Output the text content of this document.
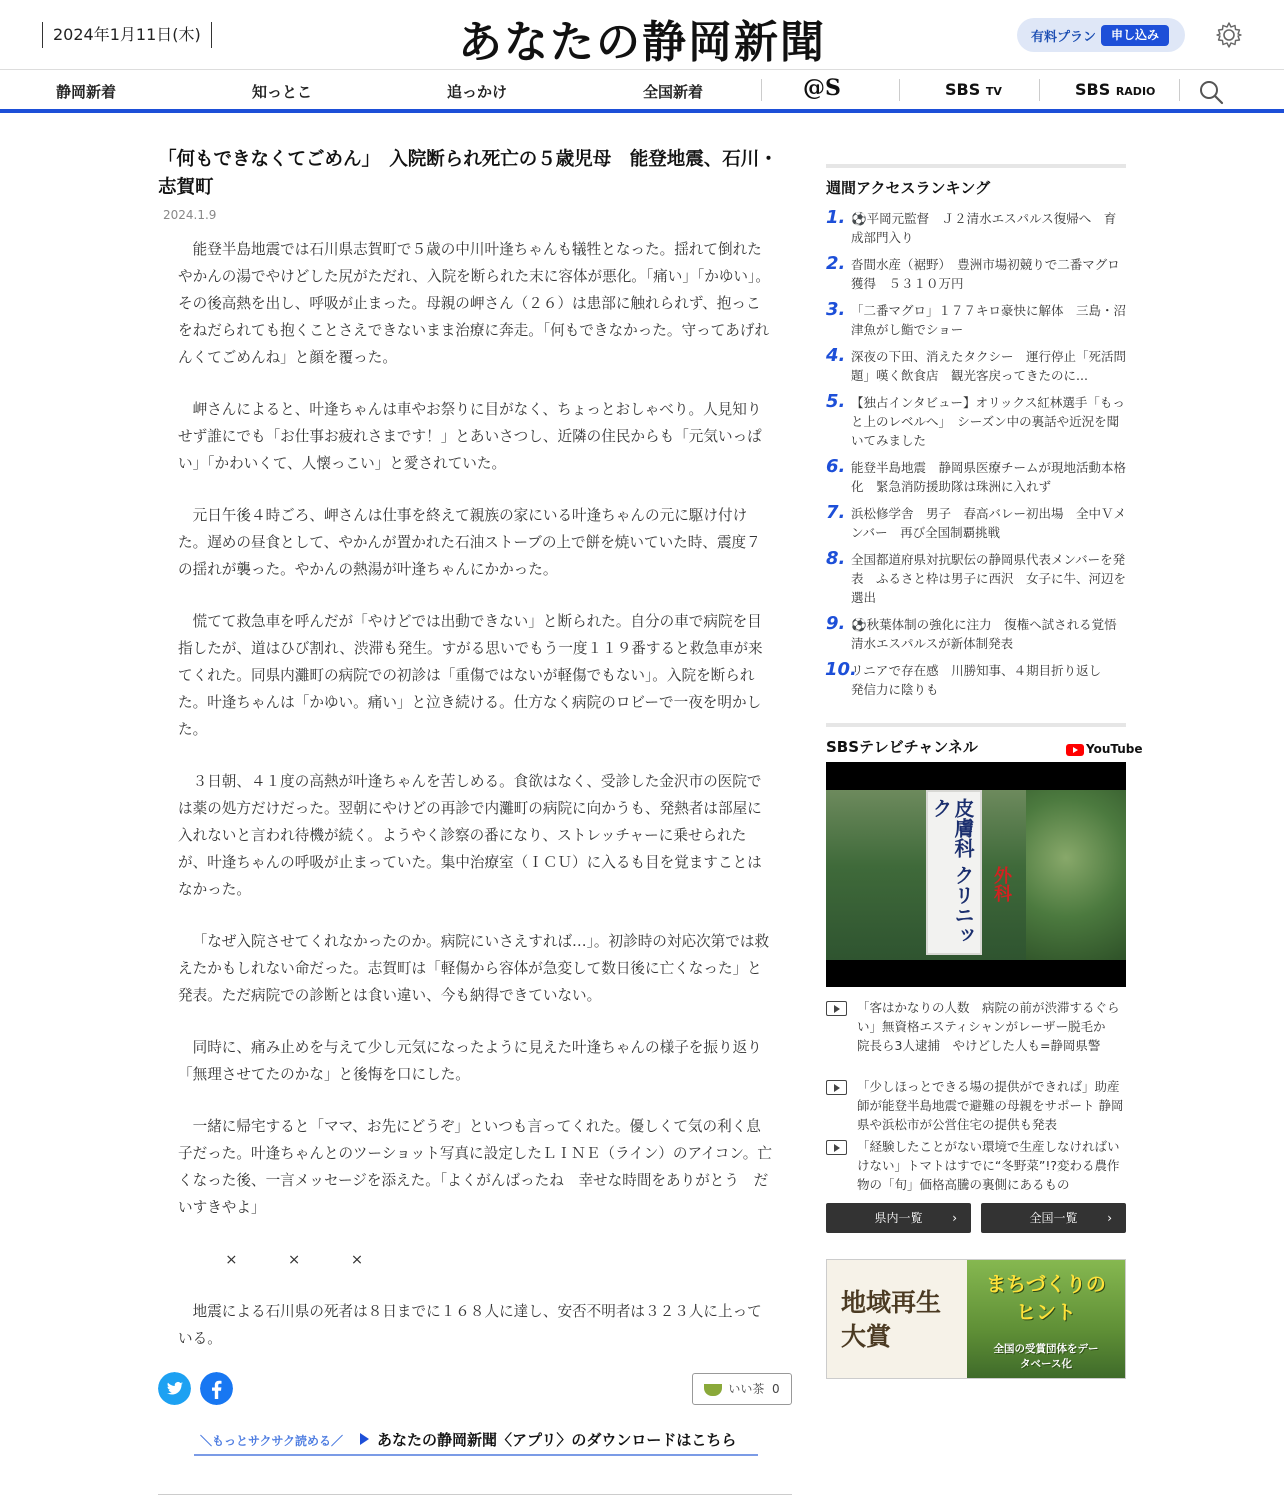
2024年1月11日(木)	あなたの静岡新聞	有料プラン	申し込み
静岡新着	知っとこ	追っかけ	全国新着	@S	SBS TV	SBS RADIO
「何もできなくてごめん」　入院断られ死亡の５歳児母　能登地震、石川・志賀町
2024.1.9

能登半島地震では石川県志賀町で５歳の中川叶逢ちゃんも犠牲となった。揺れて倒れたやかんの湯でやけどした尻がただれ、入院を断られた末に容体が悪化。「痛い」「かゆい」。その後高熱を出し、呼吸が止まった。母親の岬さん（２６）は患部に触れられず、抱っこをねだられても抱くことさえできないまま治療に奔走。「何もできなかった。守ってあげれんくてごめんね」と顔を覆った。

岬さんによると、叶逢ちゃんは車やお祭りに目がなく、ちょっとおしゃべり。人見知りせず誰にでも「お仕事お疲れさまです！」とあいさつし、近隣の住民からも「元気いっぱい」「かわいくて、人懐っこい」と愛されていた。

元日午後４時ごろ、岬さんは仕事を終えて親族の家にいる叶逢ちゃんの元に駆け付けた。遅めの昼食として、やかんが置かれた石油ストーブの上で餅を焼いていた時、震度７の揺れが襲った。やかんの熱湯が叶逢ちゃんにかかった。

慌てて救急車を呼んだが「やけどでは出動できない」と断られた。自分の車で病院を目指したが、道はひび割れ、渋滞も発生。すがる思いでもう一度１１９番すると救急車が来てくれた。同県内灘町の病院での初診は「重傷ではないが軽傷でもない」。入院を断られた。叶逢ちゃんは「かゆい。痛い」と泣き続ける。仕方なく病院のロビーで一夜を明かした。

３日朝、４１度の高熱が叶逢ちゃんを苦しめる。食欲はなく、受診した金沢市の医院では薬の処方だけだった。翌朝にやけどの再診で内灘町の病院に向かうも、発熱者は部屋に入れないと言われ待機が続く。ようやく診察の番になり、ストレッチャーに乗せられたが、叶逢ちゃんの呼吸が止まっていた。集中治療室（ＩＣＵ）に入るも目を覚ますことはなかった。

「なぜ入院させてくれなかったのか。病院にいさえすれば…」。初診時の対応次第では救えたかもしれない命だった。志賀町は「軽傷から容体が急変して数日後に亡くなった」と発表。ただ病院での診断とは食い違い、今も納得できていない。

同時に、痛み止めを与えて少し元気になったように見えた叶逢ちゃんの様子を振り返り「無理させてたのかな」と後悔を口にした。

一緒に帰宅すると「ママ、お先にどうぞ」といつも言ってくれた。優しくて気の利く息子だった。叶逢ちゃんとのツーショット写真に設定したＬＩＮＥ（ライン）のアイコン。亡くなった後、一言メッセージを添えた。「よくがんばったね　幸せな時間をありがとう　だいすきやよ」

　×　×　×

地震による石川県の死者は８日までに１６８人に達し、安否不明者は３２３人に上っている。

いい茶 0
＼もっとサクサク読める／	あなたの静岡新聞〈アプリ〉のダウンロードはこちら
週間アクセスランキング
1. ⚽平岡元監督　Ｊ２清水エスパルス復帰へ　育成部門入り
2. 沓間水産（裾野）　豊洲市場初競りで二番マグロ獲得　５３１０万円
3. 「二番マグロ」１７７キロ豪快に解体　三島・沼津魚がし鮨でショー
4. 深夜の下田、消えたタクシー　運行停止「死活問題」嘆く飲食店　観光客戻ってきたのに...
5. 【独占インタビュー】オリックス紅林選手「もっと上のレベルへ」　シーズン中の裏話や近況を聞いてみました
6. 能登半島地震　静岡県医療チームが現地活動本格化　緊急消防援助隊は珠洲に入れず
7. 浜松修学舎　男子　春高バレー初出場　全中Ｖメンバー　再び全国制覇挑戦
8. 全国都道府県対抗駅伝の静岡県代表メンバーを発表　ふるさと枠は男子に西沢　女子に牛、河辺を選出
9. ⚽秋葉体制の強化に注力　復権へ試される覚悟　清水エスパルスが新体制発表
10.
リニアで存在感　川勝知事、４期目折り返し　発信力に陰りも
SBSテレビチャンネル	YouTube
皮膚科 クリニック
外科
「客はかなりの人数　病院の前が渋滞するぐらい」無資格エスティシャンがレーザー脱毛か　院長ら3人逮捕　やけどした人も=静岡県警
「少しほっとできる場の提供ができれば」助産師が能登半島地震で避難の母親をサポート 静岡県や浜松市が公営住宅の提供も発表
「経験したことがない環境で生産しなければいけない」トマトはすでに“冬野菜”!?変わる農作物の「旬」価格高騰の裏側にあるもの
県内一覧 ›	全国一覧 ›
地域再生大賞
まちづくりのヒント
全国の受賞団体をデータベース化
